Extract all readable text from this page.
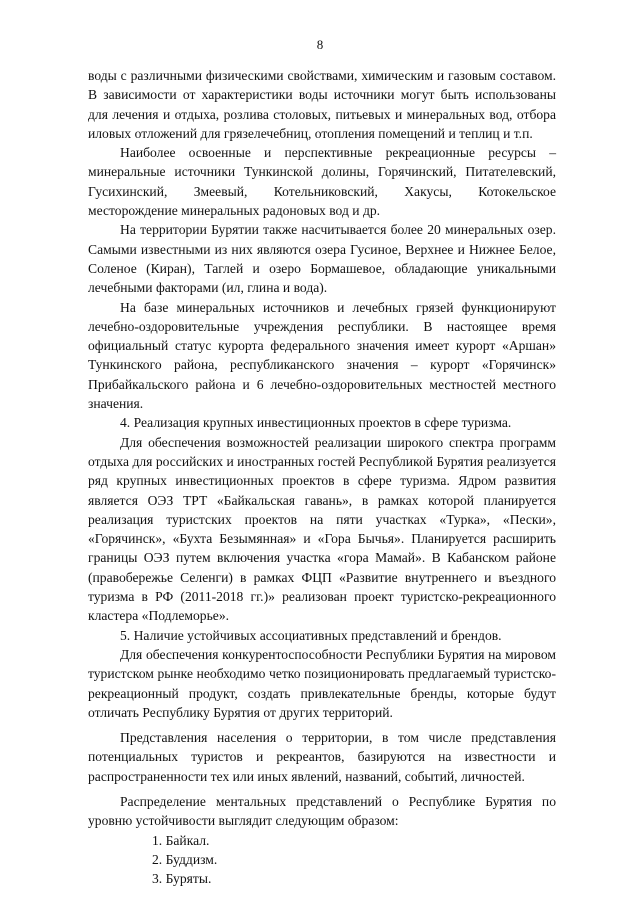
8

воды с различными физическими свойствами, химическим и газовым составом. В зависимости от характеристики воды источники могут быть использованы для лечения и отдыха, розлива столовых, питьевых и минеральных вод, отбора иловых отложений для грязелечебниц, отопления помещений и теплиц и т.п.

Наиболее освоенные и перспективные рекреационные ресурсы – минеральные источники Тункинской долины, Горячинский, Питателевский, Гусихинский, Змеевый, Котельниковский, Хакусы, Котокельское месторождение минеральных радоновых вод и др.

На территории Бурятии также насчитывается более 20 минеральных озер. Самыми известными из них являются озера Гусиное, Верхнее и Нижнее Белое, Соленое (Киран), Таглей и озеро Бормашевое, обладающие уникальными лечебными факторами (ил, глина и вода).

На базе минеральных источников и лечебных грязей функционируют лечебно-оздоровительные учреждения республики. В настоящее время официальный статус курорта федерального значения имеет курорт «Аршан» Тункинского района, республиканского значения – курорт «Горячинск» Прибайкальского района и 6 лечебно-оздоровительных местностей местного значения.

4. Реализация крупных инвестиционных проектов в сфере туризма.

Для обеспечения возможностей реализации широкого спектра программ отдыха для российских и иностранных гостей Республикой Бурятия реализуется ряд крупных инвестиционных проектов в сфере туризма. Ядром развития является ОЭЗ ТРТ «Байкальская гавань», в рамках которой планируется реализация туристских проектов на пяти участках «Турка», «Пески», «Горячинск», «Бухта Безымянная» и «Гора Бычья». Планируется расширить границы ОЭЗ путем включения участка «гора Мамай». В Кабанском районе (правобережье Селенги) в рамках ФЦП «Развитие внутреннего и въездного туризма в РФ (2011-2018 гг.)» реализован проект туристско-рекреационного кластера «Подлеморье».

5. Наличие устойчивых ассоциативных представлений и брендов.

Для обеспечения конкурентоспособности Республики Бурятия на мировом туристском рынке необходимо четко позиционировать предлагаемый туристско-рекреационный продукт, создать привлекательные бренды, которые будут отличать Республику Бурятия от других территорий.

Представления населения о территории, в том числе представления потенциальных туристов и рекреантов, базируются на известности и распространенности тех или иных явлений, названий, событий, личностей.

Распределение ментальных представлений о Республике Бурятия по уровню устойчивости выглядит следующим образом:

1. Байкал.

2. Буддизм.

3. Буряты.
